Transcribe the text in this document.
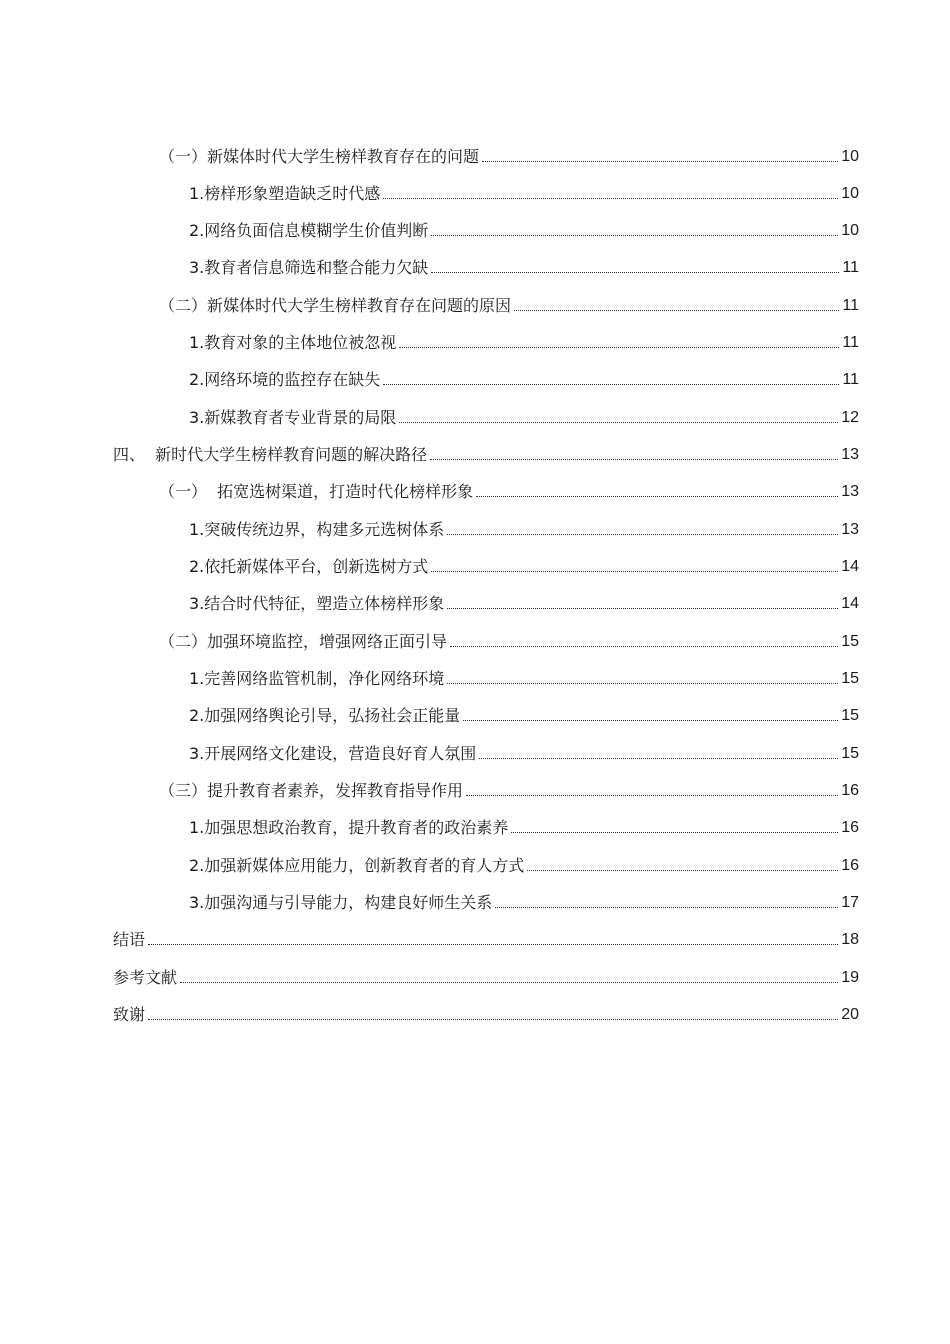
（一）新媒体时代大学生榜样教育存在的问题	10
1.榜样形象塑造缺乏时代感	10
2.网络负面信息模糊学生价值判断	10
3.教育者信息筛选和整合能力欠缺	11
（二）新媒体时代大学生榜样教育存在问题的原因	11
1.教育对象的主体地位被忽视	11
2.网络环境的监控存在缺失	11
3.新媒教育者专业背景的局限	12
四、  新时代大学生榜样教育问题的解决路径	13
（一）  拓宽选树渠道，打造时代化榜样形象	13
1.突破传统边界，构建多元选树体系	13
2.依托新媒体平台，创新选树方式	14
3.结合时代特征，塑造立体榜样形象	14
（二）加强环境监控，增强网络正面引导	15
1.完善网络监管机制，净化网络环境	15
2.加强网络舆论引导，弘扬社会正能量	15
3.开展网络文化建设，营造良好育人氛围	15
（三）提升教育者素养，发挥教育指导作用	16
1.加强思想政治教育，提升教育者的政治素养	16
2.加强新媒体应用能力，创新教育者的育人方式	16
3.加强沟通与引导能力，构建良好师生关系	17
结语	18
参考文献	19
致谢	20
